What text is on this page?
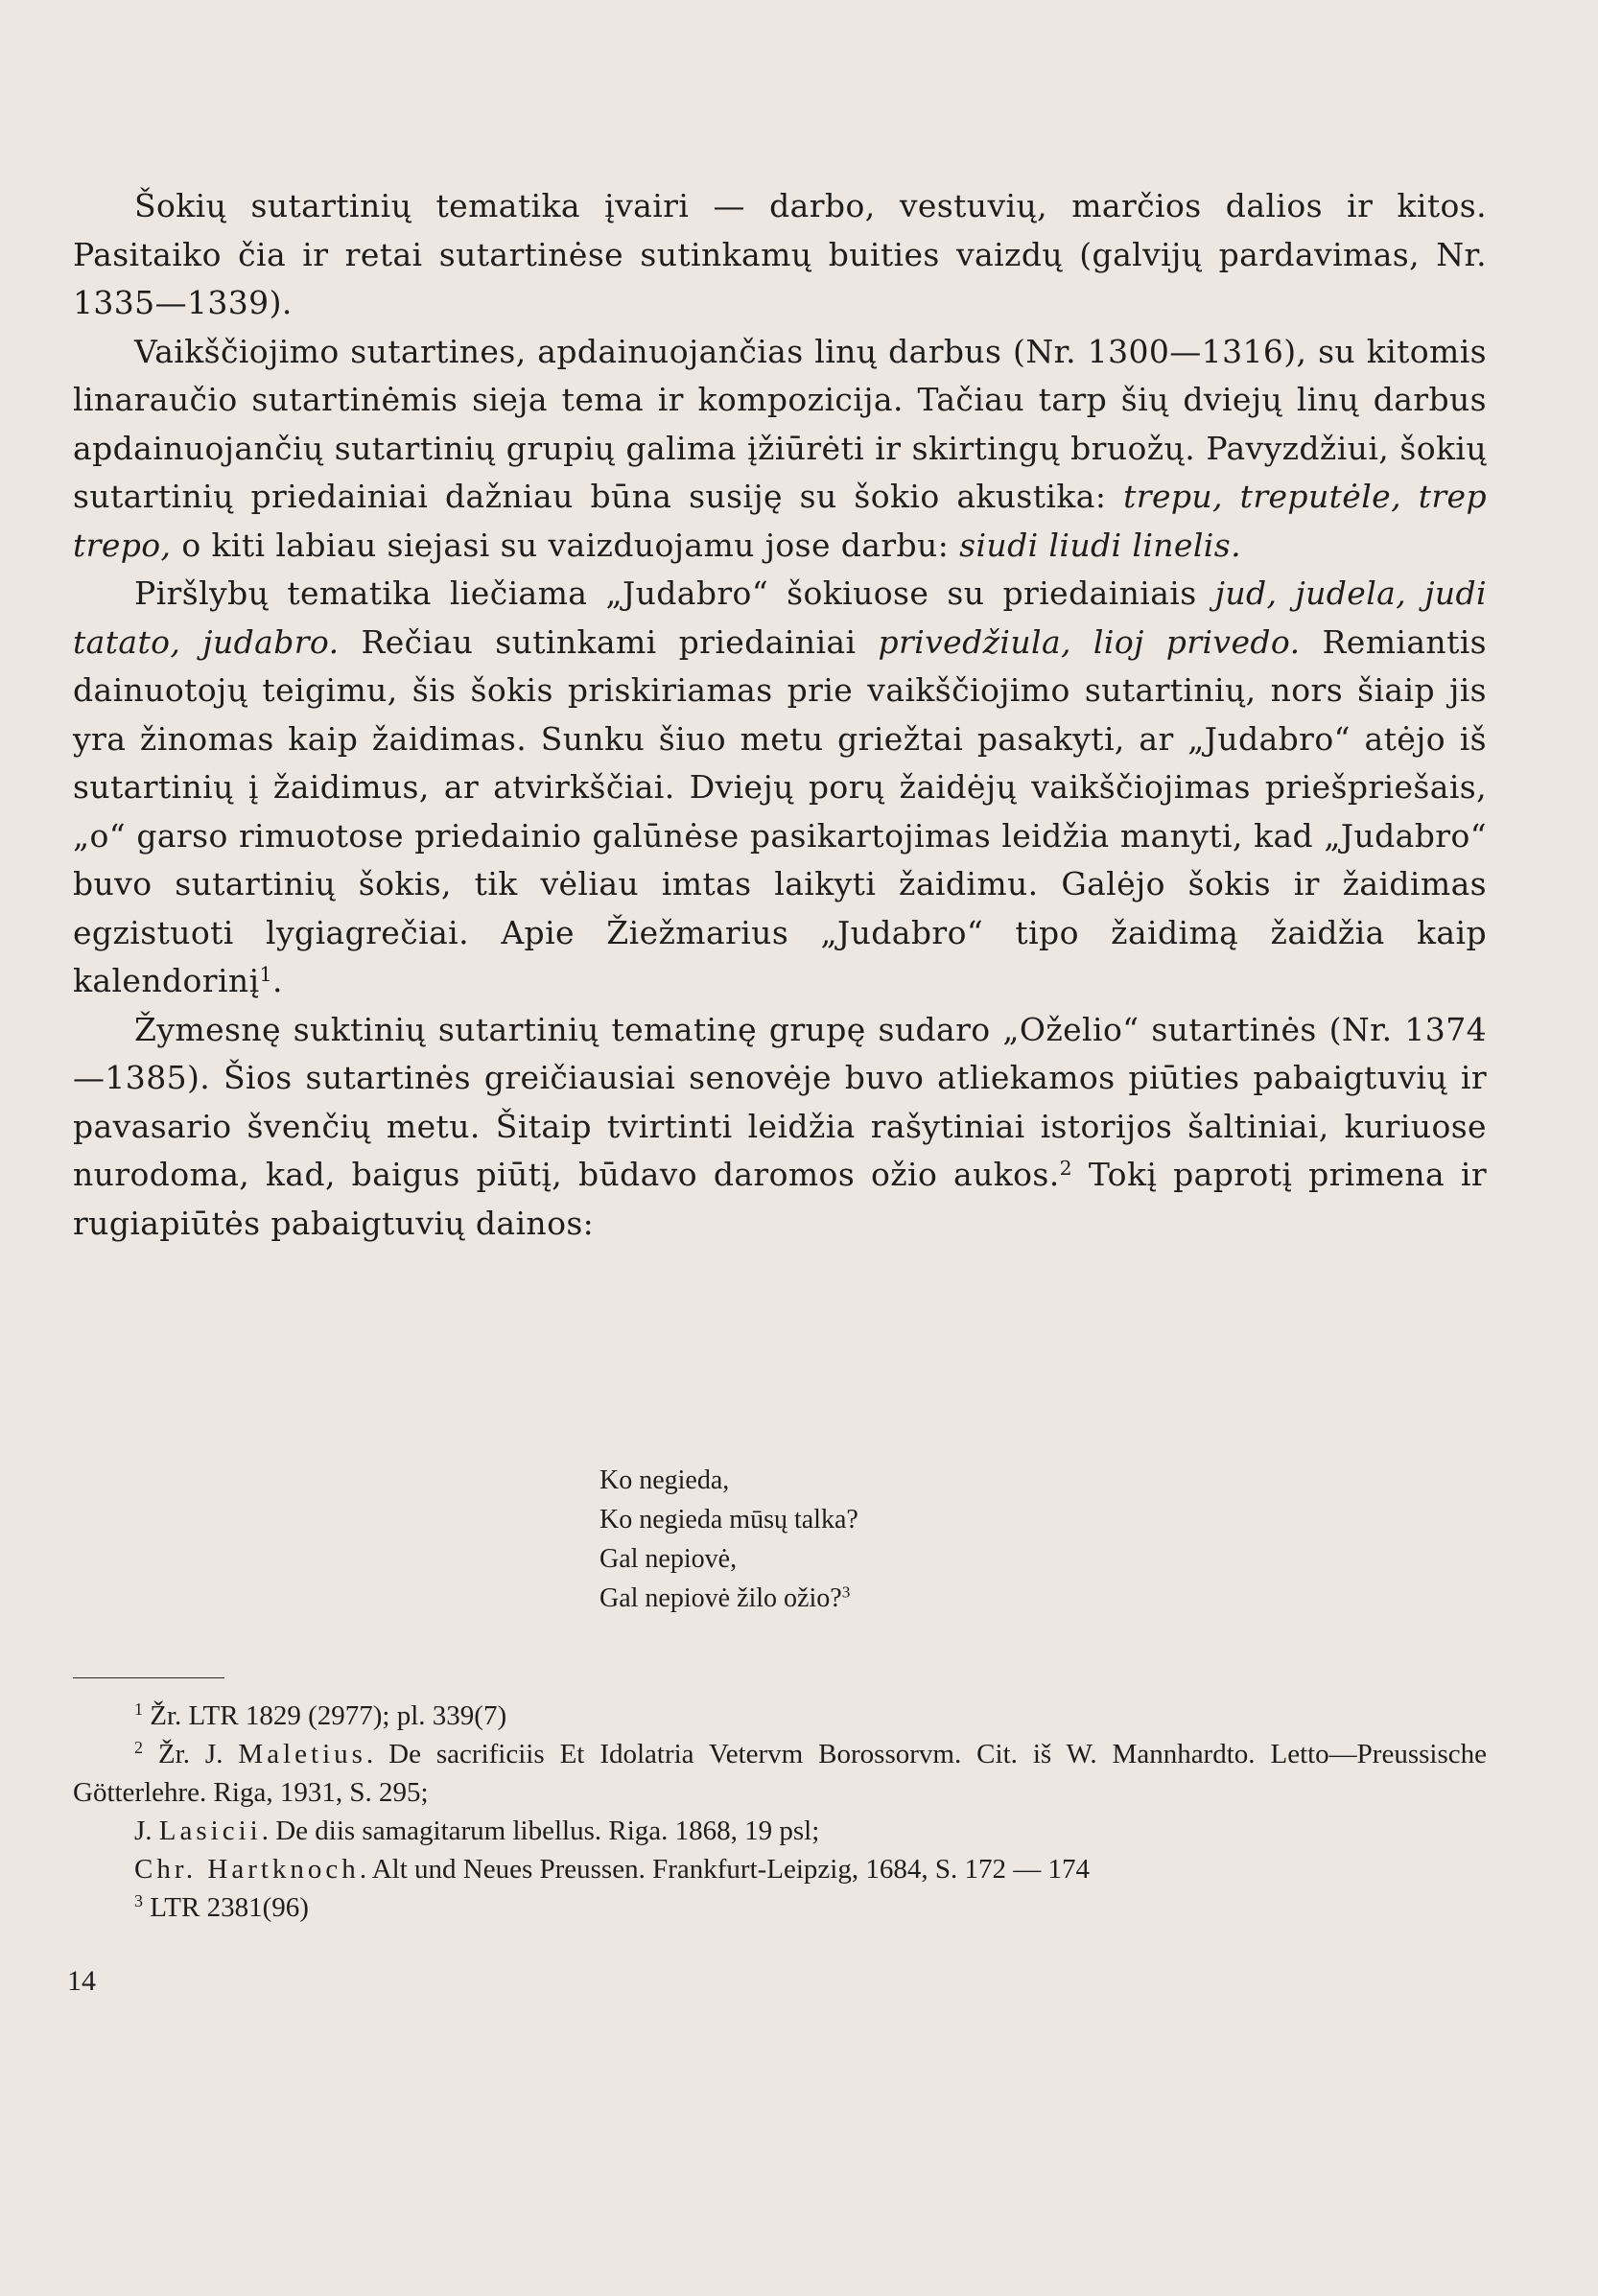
Šokių sutartinių tematika įvairi — darbo, vestuvių, marčios dalios ir kitos. Pasitaiko čia ir retai sutartinėse sutinkamų buities vaizdų (galvijų pardavimas, Nr. 1335—1339).

Vaikščiojimo sutartines, apdainuojančias linų darbus (Nr. 1300—1316), su kitomis linaraučio sutartinėmis sieja tema ir kompozicija. Tačiau tarp šių dviejų linų darbus apdainuojančių sutartinių grupių galima įžiūrėti ir skirtingų bruožų. Pavyzdžiui, šokių sutartinių priedainiai dažniau būna susiję su šokio akustika: trepu, treputėle, trep trepo, o kiti labiau siejasi su vaizduojamu jose darbu: siudi liudi linelis.

Piršlybų tematika liečiama „Judabro“ šokiuose su priedainiais jud, judela, judi tatato, judabro. Rečiau sutinkami priedainiai privedžiula, lioj privedo. Remiantis dainuotojų teigimu, šis šokis priskiriamas prie vaikščiojimo sutartinių, nors šiaip jis yra žinomas kaip žaidimas. Sunku šiuo metu griežtai pasakyti, ar „Judabro“ atėjo iš sutartinių į žaidimus, ar atvirkščiai. Dviejų porų žaidėjų vaikščiojimas priešpriešais, „o“ garso rimuotose priedainio galūnėse pasikartojimas leidžia manyti, kad „Judabro“ buvo sutartinių šokis, tik vėliau imtas laikyti žaidimu. Galėjo šokis ir žaidimas egzistuoti lygiagrečiai. Apie Žiežmarius „Judabro“ tipo žaidimą žaidžia kaip kalendorinį$^1$.

Žymesnę suktinių sutartinių tematinę grupę sudaro „Oželio“ sutartinės (Nr. 1374—1385). Šios sutartinės greičiausiai senovėje buvo atliekamos piūties pabaigtuvių ir pavasario švenčių metu. Šitaip tvirtinti leidžia rašytiniai istorijos šaltiniai, kuriuose nurodoma, kad, baigus piūtį, būdavo daromos ožio aukos.$^2$ Tokį paprotį primena ir rugiapiūtės pabaigtuvių dainos:

Ko negieda,
Ko negieda mūsų talka?
Gal nepiovė,
Gal nepiovė žilo ožio?$^3$

$^1$ Žr. LTR 1829 (2977); pl. 339(7)

$^2$ Žr. J. Maletius. De sacrificiis Et Idolatria Vetervm Borossorvm. Cit. iš W. Mannhardto. Letto—Preussische Götterlehre. Riga, 1931, S. 295;

J. Lasicii. De diis samagitarum libellus. Riga. 1868, 19 psl;

Chr. Hartknoch. Alt und Neues Preussen. Frankfurt-Leipzig, 1684, S. 172 — 174

$^3$ LTR 2381(96)

14
